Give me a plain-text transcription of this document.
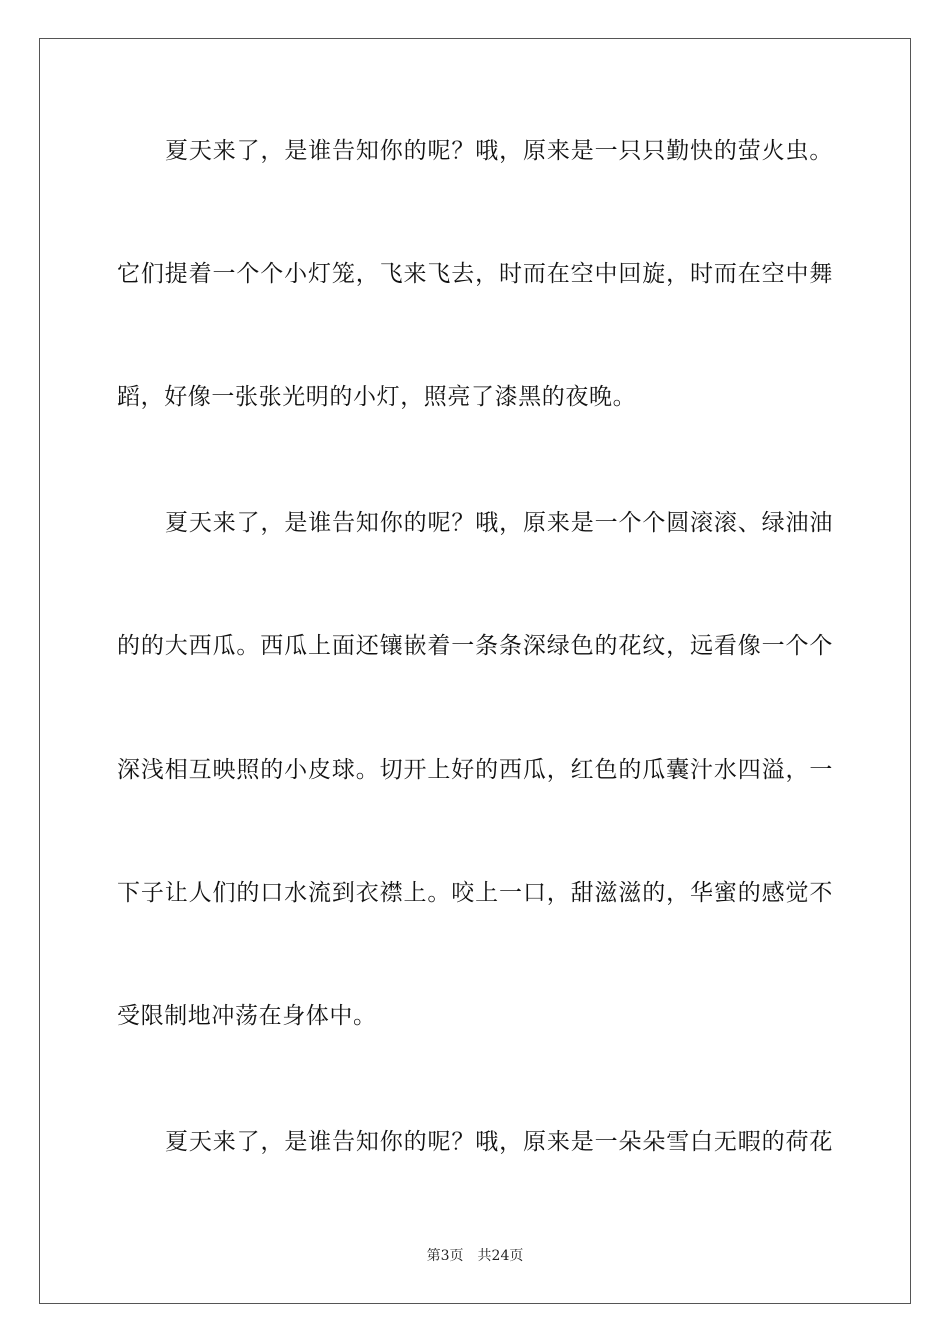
夏天来了，是谁告知你的呢？哦，原来是一只只勤快的萤火虫。
它们提着一个个小灯笼，飞来飞去，时而在空中回旋，时而在空中舞
蹈，好像一张张光明的小灯，照亮了漆黑的夜晚。
夏天来了，是谁告知你的呢？哦，原来是一个个圆滚滚、绿油油
的的大西瓜。西瓜上面还镶嵌着一条条深绿色的花纹，远看像一个个
深浅相互映照的小皮球。切开上好的西瓜，红色的瓜囊汁水四溢，一
下子让人们的口水流到衣襟上。咬上一口，甜滋滋的，华蜜的感觉不
受限制地冲荡在身体中。
夏天来了，是谁告知你的呢？哦，原来是一朵朵雪白无暇的荷花
第3页 共24页
